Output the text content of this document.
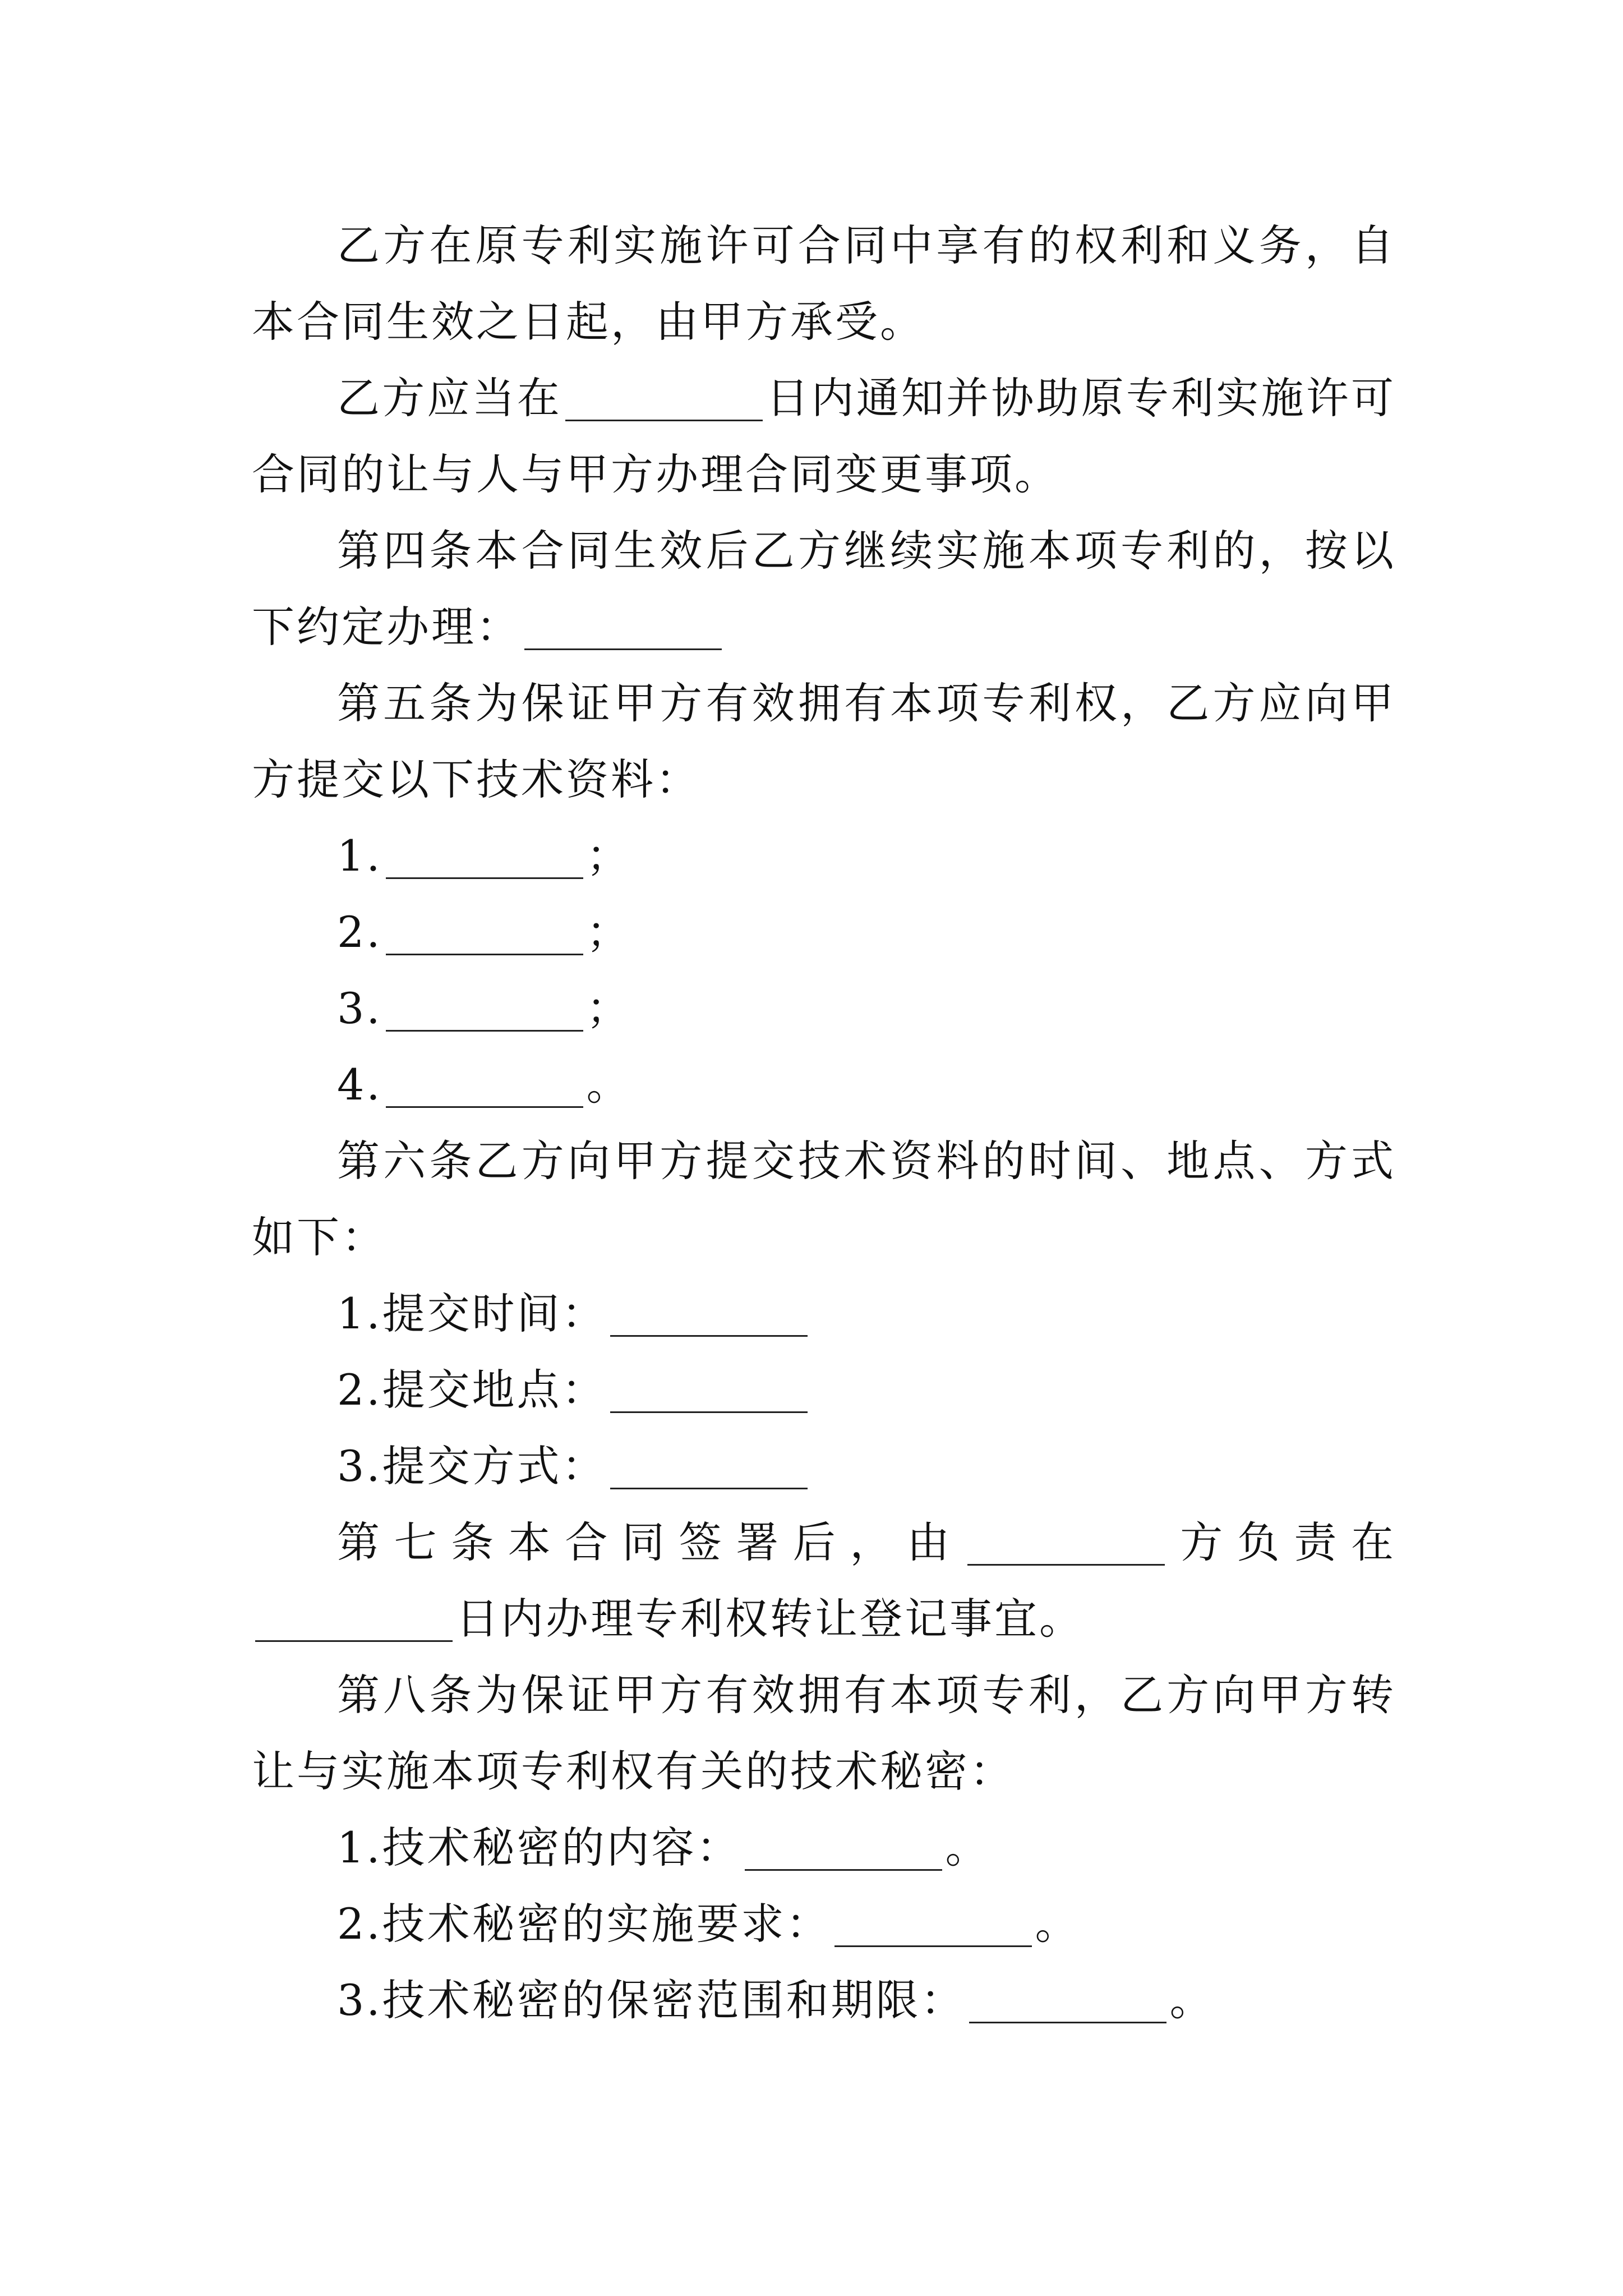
乙方在原专利实施许可合同中享有的权利和义务，自本合同生效之日起，由甲方承受。

乙方应当在	日内通知并协助原专利实施许可合同的让与人与甲方办理合同变更事项。

第四条本合同生效后乙方继续实施本项专利的，按以下约定办理：

第五条为保证甲方有效拥有本项专利权，乙方应向甲方提交以下技术资料：

1.	；

2.	；

3.	；

4.	。

第六条乙方向甲方提交技术资料的时间、地点、方式如下：

1.提交时间：

2.提交地点：

3.提交方式：

第七条本合同签署后，由	方负责在日内办理专利权转让登记事宜。

第八条为保证甲方有效拥有本项专利，乙方向甲方转让与实施本项专利权有关的技术秘密：

1.技术秘密的内容：	。

2.技术秘密的实施要求：	。

3.技术秘密的保密范围和期限：	。
